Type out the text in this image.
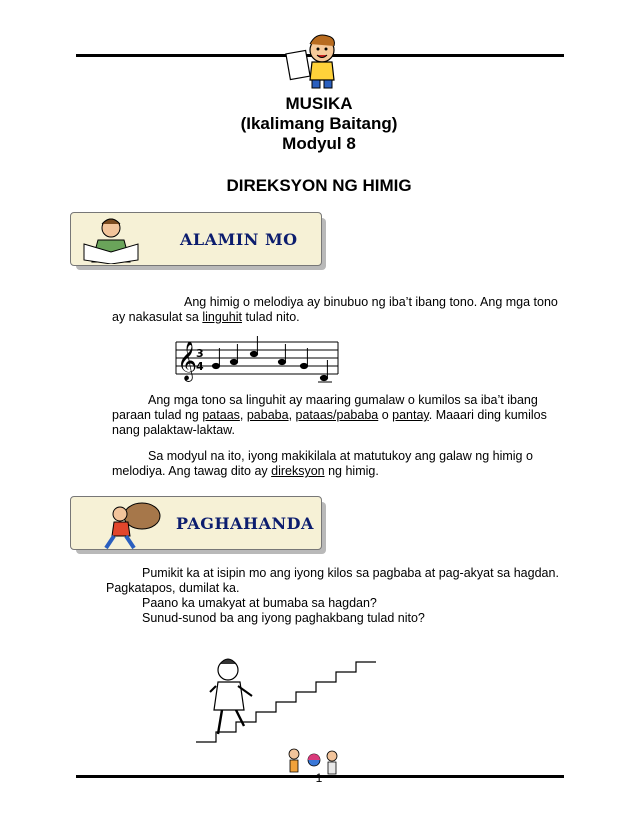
MUSIKA
(Ikalimang Baitang)
Modyul 8
DIREKSYON NG HIMIG
ALAMIN MO
Ang himig o melodiya ay binubuo ng iba’t ibang tono. Ang mga tono ay nakasulat sa linguhit tulad nito.
𝄞
3
4
Ang mga tono sa linguhit ay maaring gumalaw o kumilos sa iba’t ibang paraan tulad ng pataas, pababa, pataas/pababa o pantay. Maaari ding kumilos nang palaktaw-laktaw.
Sa modyul na ito, iyong makikilala at matutukoy ang galaw ng himig o melodiya. Ang tawag dito ay direksyon ng himig.
PAGHAHANDA
Pumikit ka at isipin mo ang iyong kilos sa pagbaba at pag-akyat sa hagdan. Pagkatapos, dumilat ka.
Paano ka umakyat at bumaba sa hagdan?
Sunud-sunod ba ang iyong paghakbang tulad nito?
1
